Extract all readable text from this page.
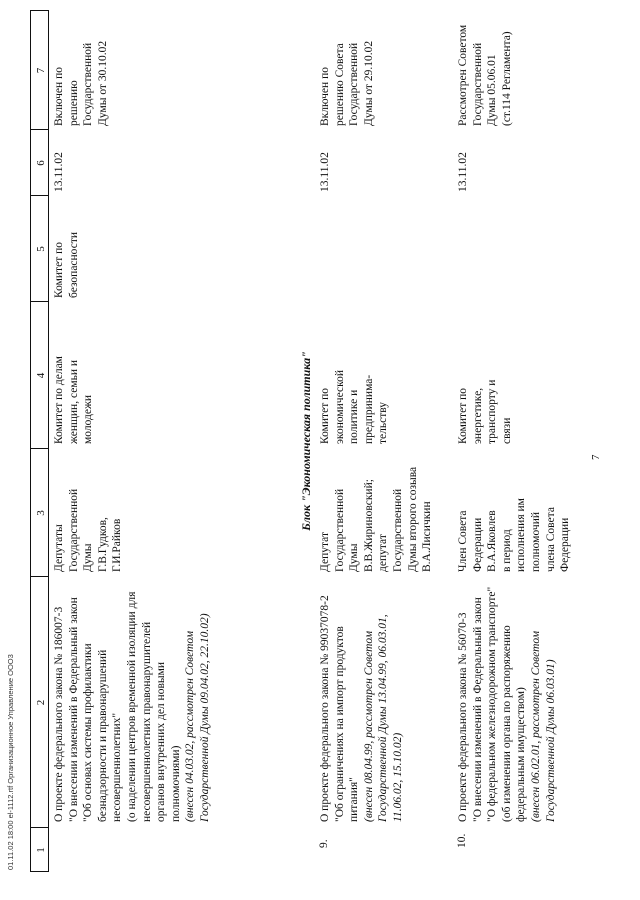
7
01.11.02 18:00 el-1112.rtf Организационное Управление ООО3 1
2
3
4
5
6
7
Блок "Экономическая политика"
О проекте федерального закона № 186007-3 "О внесении изменений в Федеральный закон "Об основах системы профилактики безнадзорности и правонарушений несовершеннолетних" (о наделении центров временной изоляции для несовершеннолетних правонарушителей органов внутренних дел новыми полномочиями) (внесен 04.03.02, рассмотрен Советом Государственной Думы 09.04.02, 22.10.02)
Депутаты Государственной Думы Г.В.Гудков, Г.И.Райков
Комитет по делам женщин, семьи и молодежи
Комитет по безопасности
13.11.02
Включен по решению Государственной Думы от 30.10.02
9.
О проекте федерального закона № 99037078-2 "Об ограничениях на импорт продуктов питания" (внесен 08.04.99, рассмотрен Советом Государственной Думы 13.04.99, 06.03.01, 11.06.02, 15.10.02)
Депутат Государственной Думы В.В.Жириновский; депутат Государственной Думы второго созыва В.А.Лисичкин
Комитет по экономической политике и предпринима- тельству
13.11.02
Включен по решению Совета Государственной Думы от 29.10.02
10.
О проекте федерального закона № 56070-3 "О внесении изменений в Федеральный закон "О федеральном железнодорожном транспорте" (об изменении органа по распоряжению федеральным имуществом) (внесен 06.02.01, рассмотрен Советом Государственной Думы 06.03.01)
Член Совета Федерации В.А.Яковлев в период исполнения им полномочий члена Совета Федерации
Комитет по энергетике, транспорту и связи
13.11.02
Рассмотрен Советом Государственной Думы 05.06.01 (ст.114 Регламента)
